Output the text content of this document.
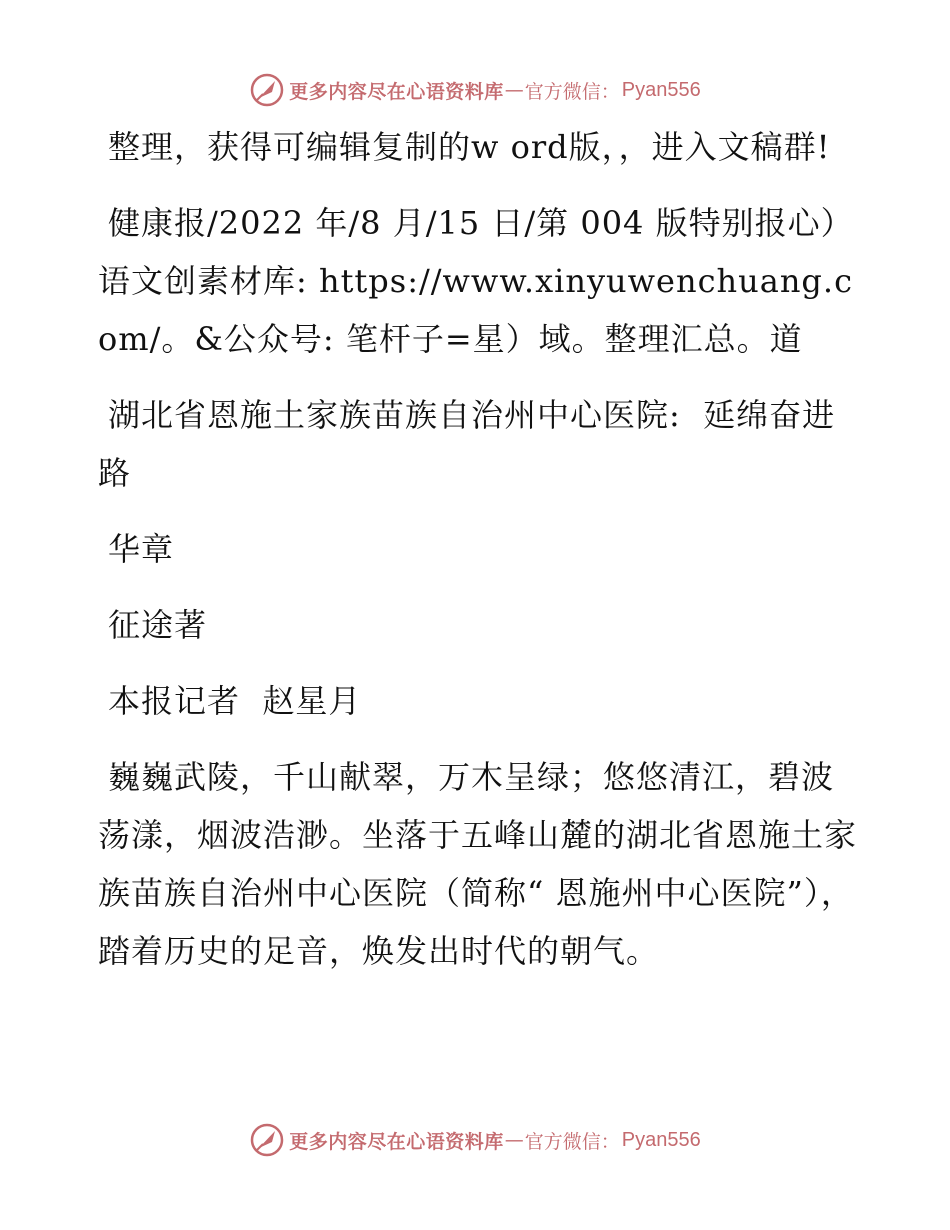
更多内容尽在心语资料库 — 官方微信： Pyan556

整理，获得可编辑复制的w ord版，，进入文稿群!

健康报/2022 年/8 月/15 日/第 004 版特别报心）语文创素材库: https://www.xinyuwenchuang.com/。&公众号: 笔杆子=星）域。整理汇总。道

湖北省恩施土家族苗族自治州中心医院:  延绵奋进路

华章

征途著

本报记者  赵星月

巍巍武陵，千山献翠，万木呈绿；悠悠清江，碧波荡漾，烟波浩渺。坐落于五峰山麓的湖北省恩施土家族苗族自治州中心医院（简称“ 恩施州中心医院”），踏着历史的足音，焕发出时代的朝气。

更多内容尽在心语资料库 — 官方微信： Pyan556
